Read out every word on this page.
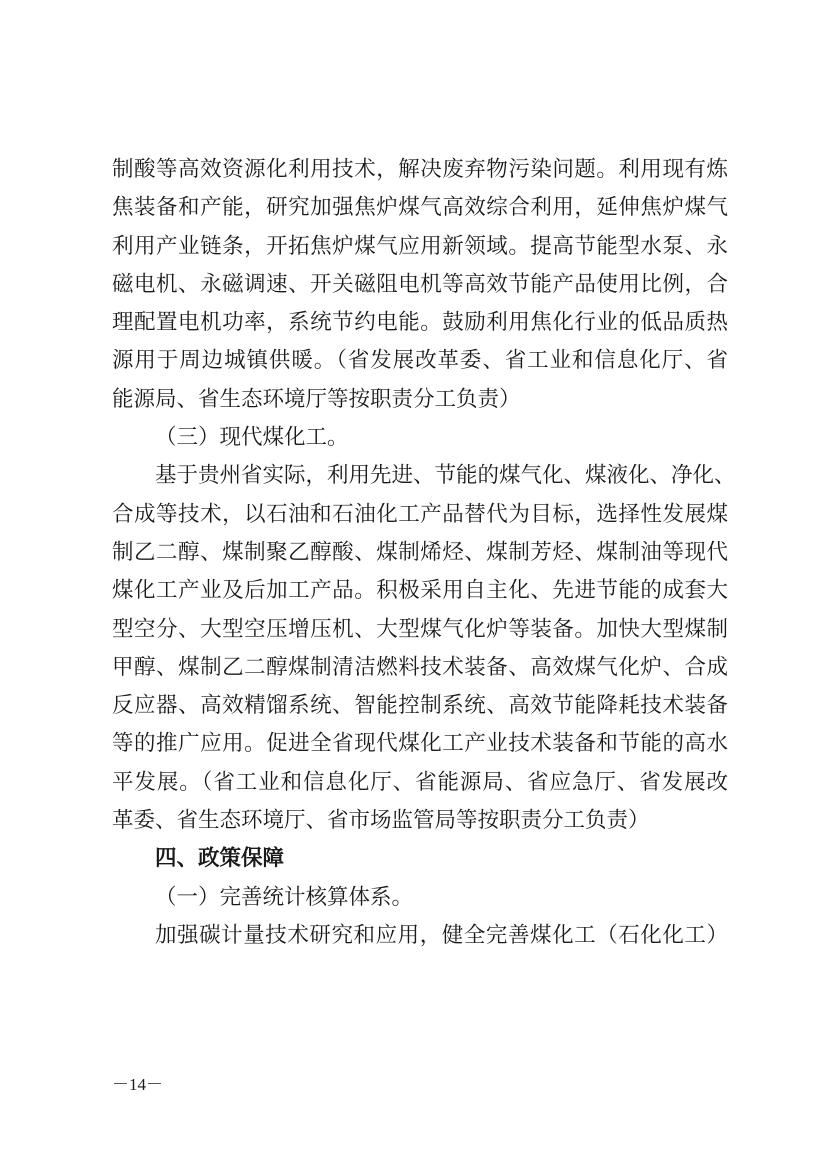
制酸等高效资源化利用技术，解决废弃物污染问题。利用现有炼
焦装备和产能，研究加强焦炉煤气高效综合利用，延伸焦炉煤气
利用产业链条，开拓焦炉煤气应用新领域。提高节能型水泵、永
磁电机、永磁调速、开关磁阻电机等高效节能产品使用比例，合
理配置电机功率，系统节约电能。鼓励利用焦化行业的低品质热
源用于周边城镇供暖。（省发展改革委、省工业和信息化厅、省
能源局、省生态环境厅等按职责分工负责）
（三）现代煤化工。
基于贵州省实际，利用先进、节能的煤气化、煤液化、净化、
合成等技术，以石油和石油化工产品替代为目标，选择性发展煤
制乙二醇、煤制聚乙醇酸、煤制烯烃、煤制芳烃、煤制油等现代
煤化工产业及后加工产品。积极采用自主化、先进节能的成套大
型空分、大型空压增压机、大型煤气化炉等装备。加快大型煤制
甲醇、煤制乙二醇煤制清洁燃料技术装备、高效煤气化炉、合成
反应器、高效精馏系统、智能控制系统、高效节能降耗技术装备
等的推广应用。促进全省现代煤化工产业技术装备和节能的高水
平发展。（省工业和信息化厅、省能源局、省应急厅、省发展改
革委、省生态环境厅、省市场监管局等按职责分工负责）
四、政策保障
（一）完善统计核算体系。
加强碳计量技术研究和应用，健全完善煤化工（石化化工）
－14－
